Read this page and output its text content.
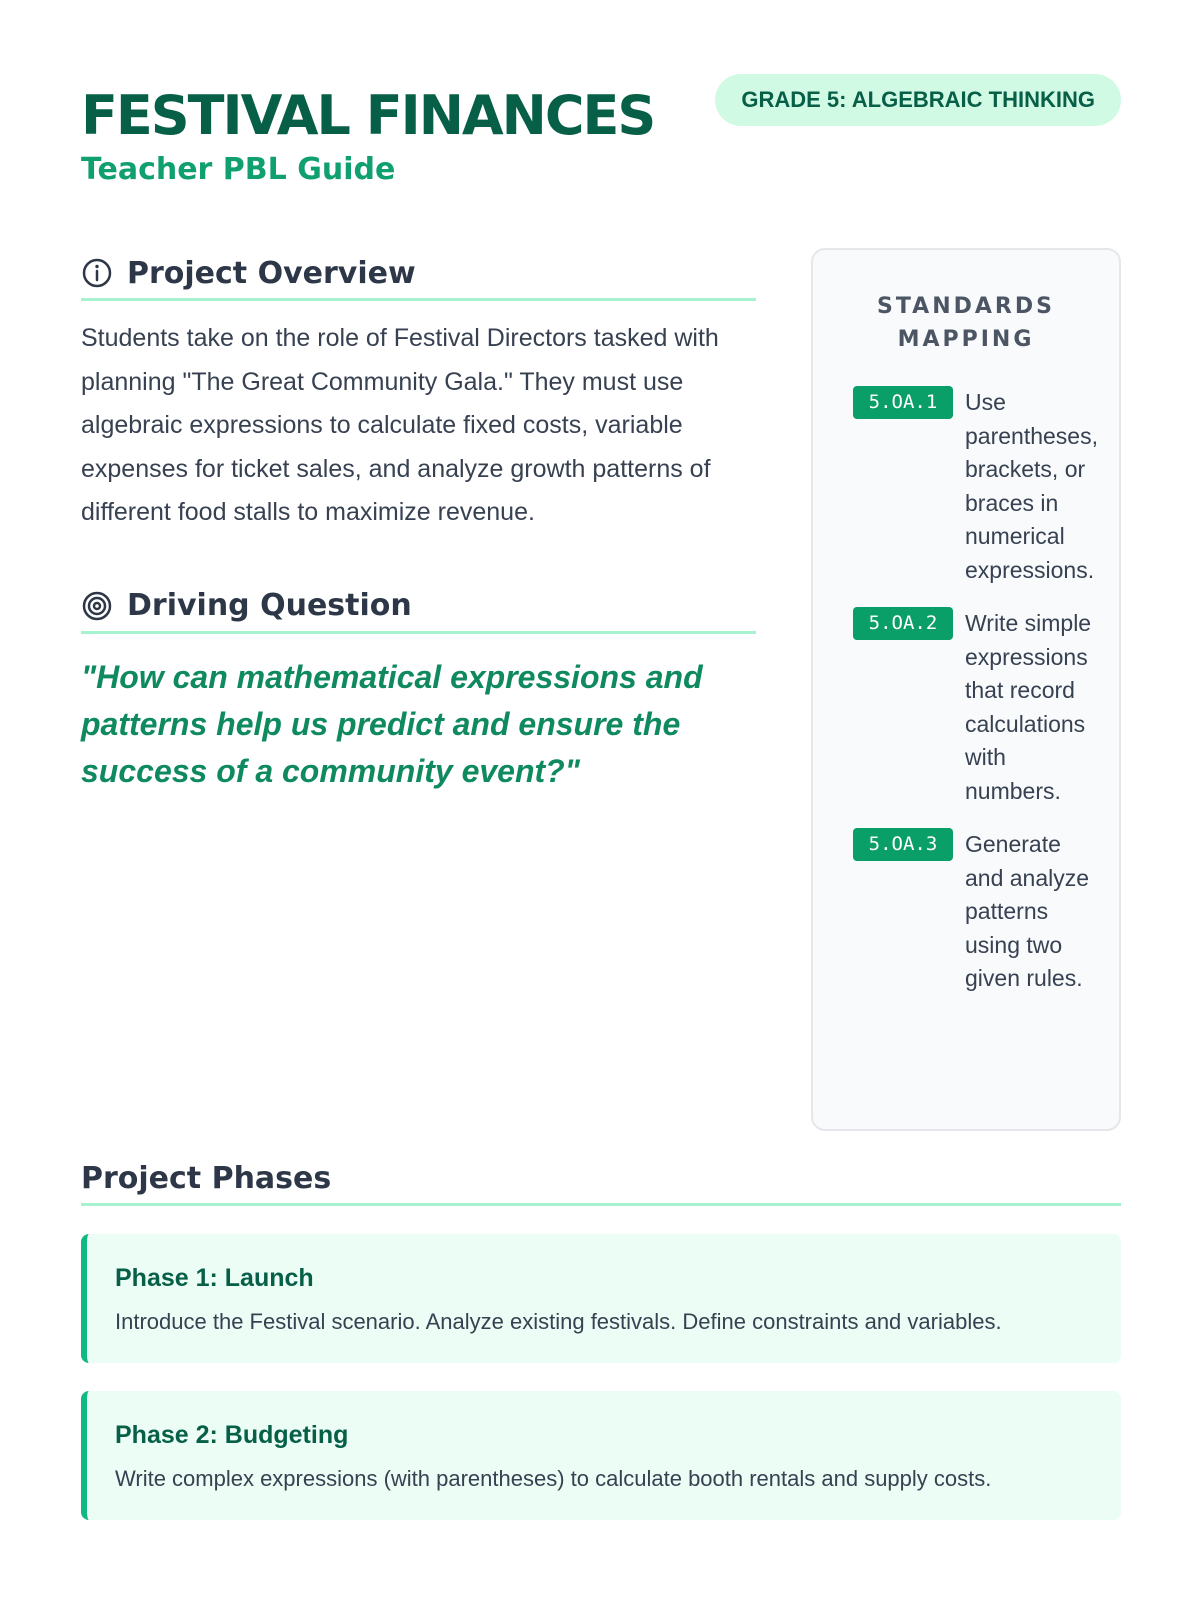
FESTIVAL FINANCES
Teacher PBL Guide
GRADE 5: ALGEBRAIC THINKING
Project Overview

Students take on the role of Festival Directors tasked with planning "The Great Community Gala." They must use algebraic expressions to calculate fixed costs, variable expenses for ticket sales, and analyze growth patterns of different food stalls to maximize revenue.

Driving Question

"How can mathematical expressions and patterns help us predict and ensure the success of a community event?"

STANDARDS MAPPING
5.OA.1	Use parentheses, brackets, or braces in numerical expressions.
5.OA.2	Write simple expressions that record calculations with numbers.
5.OA.3	Generate and analyze patterns using two given rules.
Project Phases
Phase 1: Launch

Introduce the Festival scenario. Analyze existing festivals. Define constraints and variables.

Phase 2: Budgeting

Write complex expressions (with parentheses) to calculate booth rentals and supply costs.
